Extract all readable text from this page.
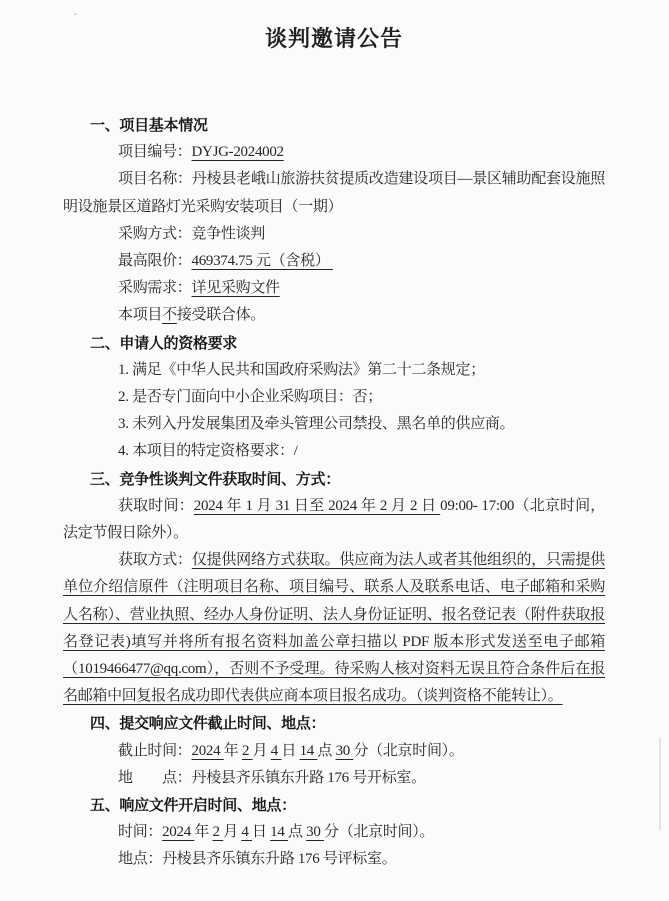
谈判邀请公告

一、项目基本情况

项目编号：DYJG-2024002

项目名称：丹棱县老峨山旅游扶贫提质改造建设项目—景区辅助配套设施照明设施景区道路灯光采购安装项目（一期）

采购方式：竞争性谈判

最高限价：469374.75 元（含税）

采购需求：详见采购文件

本项目不接受联合体。

二、申请人的资格要求

1. 满足《中华人民共和国政府采购法》第二十二条规定；

2. 是否专门面向中小企业采购项目：否；

3. 未列入丹发展集团及牵头管理公司禁投、黑名单的供应商。

4. 本项目的特定资格要求：/

三、竞争性谈判文件获取时间、方式：

获取时间：2024 年 1 月 31 日至 2024 年 2 月 2 日 09:00- 17:00（北京时间，法定节假日除外）。

获取方式：仅提供网络方式获取。供应商为法人或者其他组织的，只需提供单位介绍信原件（注明项目名称、项目编号、联系人及联系电话、电子邮箱和采购人名称）、营业执照、经办人身份证明、法人身份证证明、报名登记表（附件获取报名登记表)填写并将所有报名资料加盖公章扫描以 PDF 版本形式发送至电子邮箱（1019466477@qq.com），否则不予受理。待采购人核对资料无误且符合条件后在报名邮箱中回复报名成功即代表供应商本项目报名成功。（谈判资格不能转让）。

四、提交响应文件截止时间、地点：

截止时间：2024 年 2 月 4 日 14 点 30 分（北京时间）。

地　　点：丹棱县齐乐镇东升路 176 号开标室。

五、响应文件开启时间、地点：

时间：2024 年 2 月 4 日 14 点 30 分（北京时间）。

地点：丹棱县齐乐镇东升路 176 号评标室。
